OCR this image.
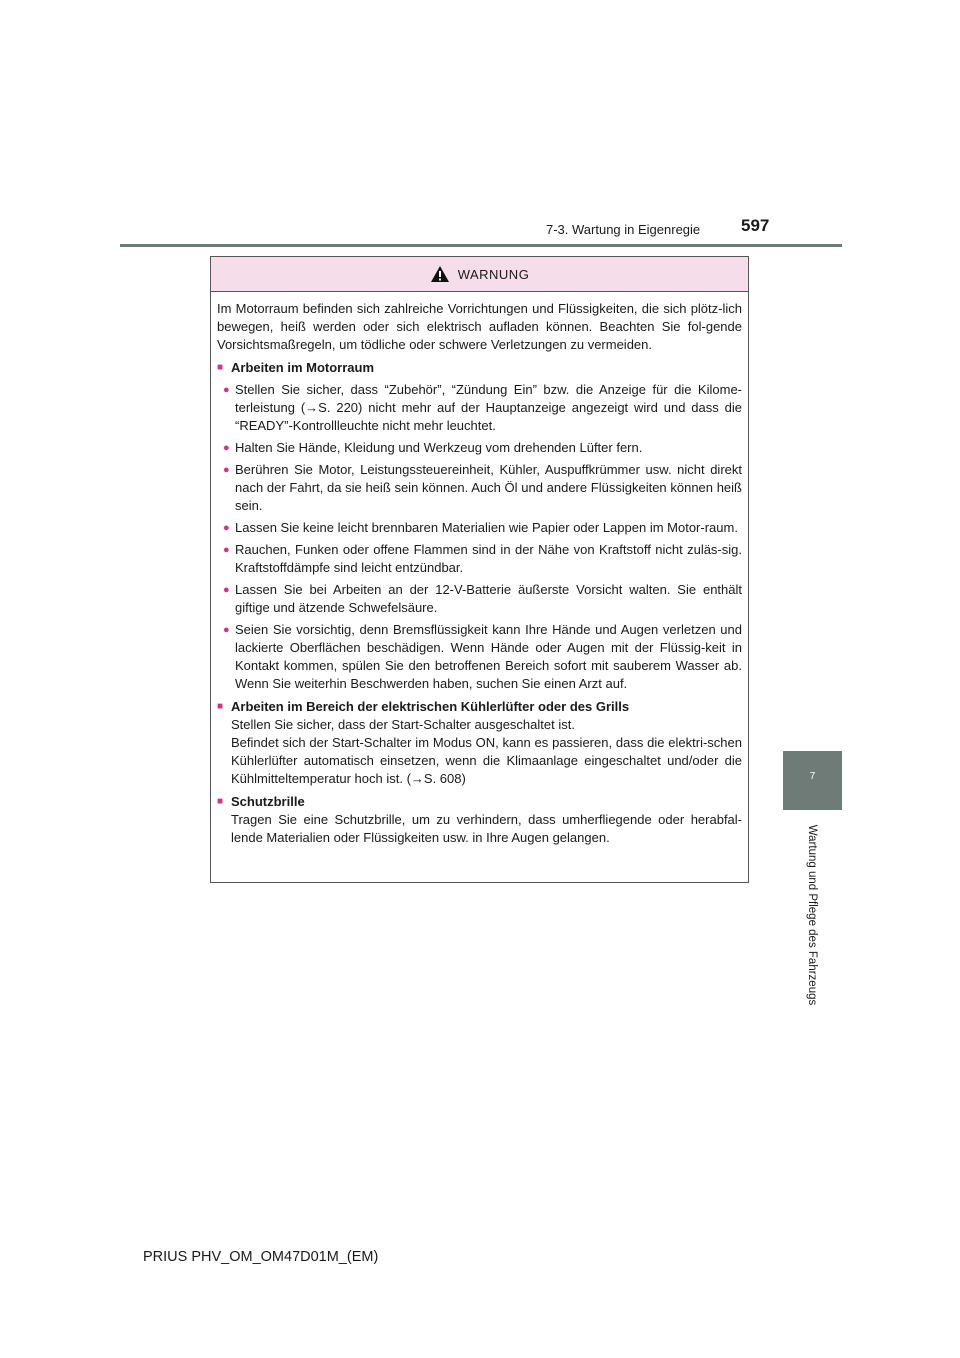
7-3. Wartung in Eigenregie 597
7
Wartung und Pflege des Fahrzeugs
WARNUNG
Im Motorraum befinden sich zahlreiche Vorrichtungen und Flüssigkeiten, die sich plötz-lich bewegen, heiß werden oder sich elektrisch aufladen können. Beachten Sie fol-gende Vorsichtsmaßregeln, um tödliche oder schwere Verletzungen zu vermeiden.
■ Arbeiten im Motorraum
● Stellen Sie sicher, dass “Zubehör”, “Zündung Ein” bzw. die Anzeige für die Kilome-terleistung (→S. 220) nicht mehr auf der Hauptanzeige angezeigt wird und dass die “READY”-Kontrollleuchte nicht mehr leuchtet.
● Halten Sie Hände, Kleidung und Werkzeug vom drehenden Lüfter fern.
● Berühren Sie Motor, Leistungssteuereinheit, Kühler, Auspuffkrümmer usw. nicht direkt nach der Fahrt, da sie heiß sein können. Auch Öl und andere Flüssigkeiten können heiß sein.
● Lassen Sie keine leicht brennbaren Materialien wie Papier oder Lappen im Motor-raum.
● Rauchen, Funken oder offene Flammen sind in der Nähe von Kraftstoff nicht zuläs-sig. Kraftstoffdämpfe sind leicht entzündbar.
● Lassen Sie bei Arbeiten an der 12-V-Batterie äußerste Vorsicht walten. Sie enthält giftige und ätzende Schwefelsäure.
● Seien Sie vorsichtig, denn Bremsflüssigkeit kann Ihre Hände und Augen verletzen und lackierte Oberflächen beschädigen. Wenn Hände oder Augen mit der Flüssig-keit in Kontakt kommen, spülen Sie den betroffenen Bereich sofort mit sauberem Wasser ab. Wenn Sie weiterhin Beschwerden haben, suchen Sie einen Arzt auf.
■ Arbeiten im Bereich der elektrischen Kühlerlüfter oder des Grills
Stellen Sie sicher, dass der Start-Schalter ausgeschaltet ist.
Befindet sich der Start-Schalter im Modus ON, kann es passieren, dass die elektri-schen Kühlerlüfter automatisch einsetzen, wenn die Klimaanlage eingeschaltet und/oder die Kühlmitteltemperatur hoch ist. (→S. 608)
■ Schutzbrille
Tragen Sie eine Schutzbrille, um zu verhindern, dass umherfliegende oder herabfal-lende Materialien oder Flüssigkeiten usw. in Ihre Augen gelangen.
PRIUS PHV_OM_OM47D01M_(EM)
